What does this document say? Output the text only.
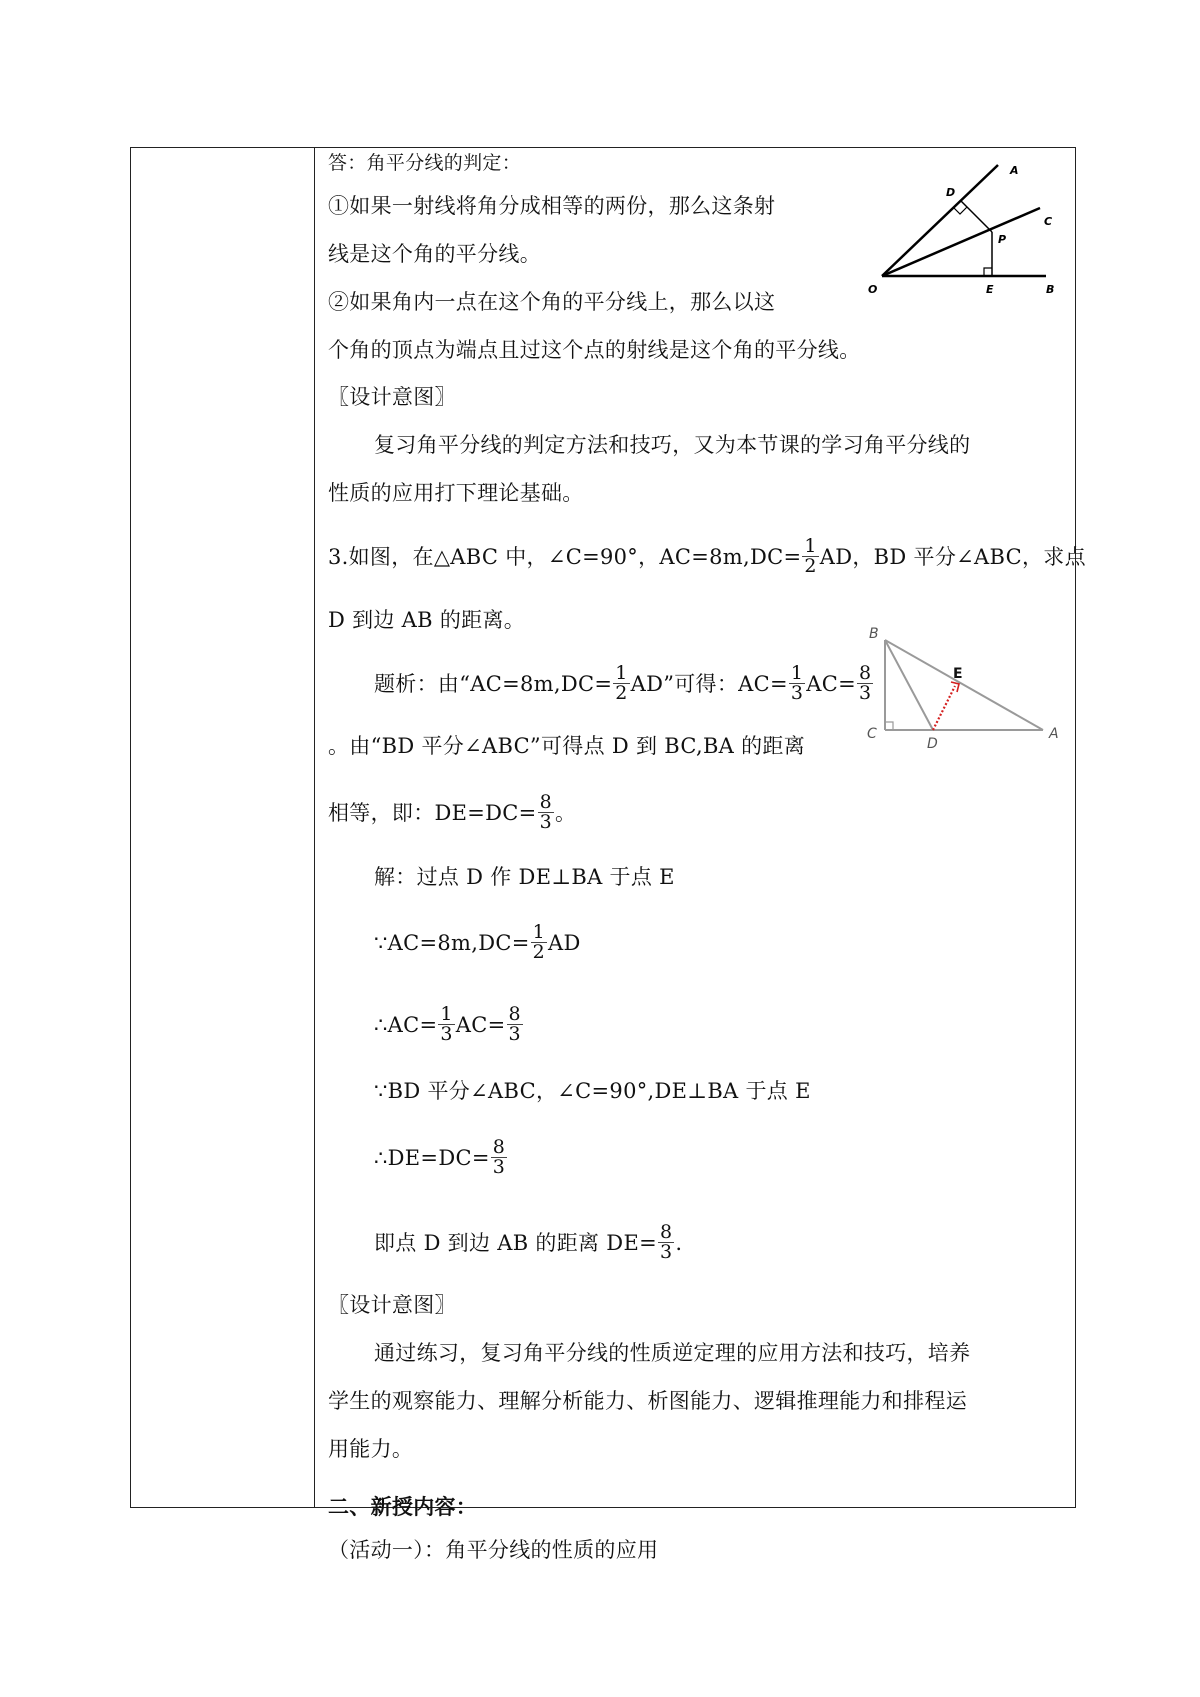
答：角平分线的判定：
①如果一射线将角分成相等的两份，那么这条射
线是这个角的平分线。
②如果角内一点在这个角的平分线上，那么以这
个角的顶点为端点且过这个点的射线是这个角的平分线。
D
A
P
C
O	E	B
〖设计意图〗
复习角平分线的判定方法和技巧，又为本节课的学习角平分线的
性质的应用打下理论基础。
3.如图，在△ABC 中，∠C=90°，$AC=8m,DC= \frac{1}{2}$ AD，BD 平分∠ABC，求点
D 到边 AB 的距离。
B
E
C
D
A
题析：由“$AC=8m,DC= \frac{1}{2}$ AD”可得：$AC= \frac{1}{3} AC= \frac{8}{3}$
。由“BD 平分∠ABC”可得点 D 到 BC,BA 的距离
相等，即：$DE=DC= \frac{8}{3}$ 。
解：过点 D 作 DE⊥BA 于点 E
∵AC=8m,DC= $\frac{1}{2}$ AD
∴AC= $\frac{1}{3} AC= \frac{8}{3}$
∵BD 平分∠ABC，∠C=90°,DE⊥BA 于点 E
∴DE=DC= $\frac{8}{3}$
即点 D 到边 AB 的距离 $DE= \frac{8}{3}$ .
〖设计意图〗
通过练习，复习角平分线的性质逆定理的应用方法和技巧，培养
学生的观察能力、理解分析能力、析图能力、逻辑推理能力和排程运
用能力。
二、新授内容：
（活动一）：角平分线的性质的应用
